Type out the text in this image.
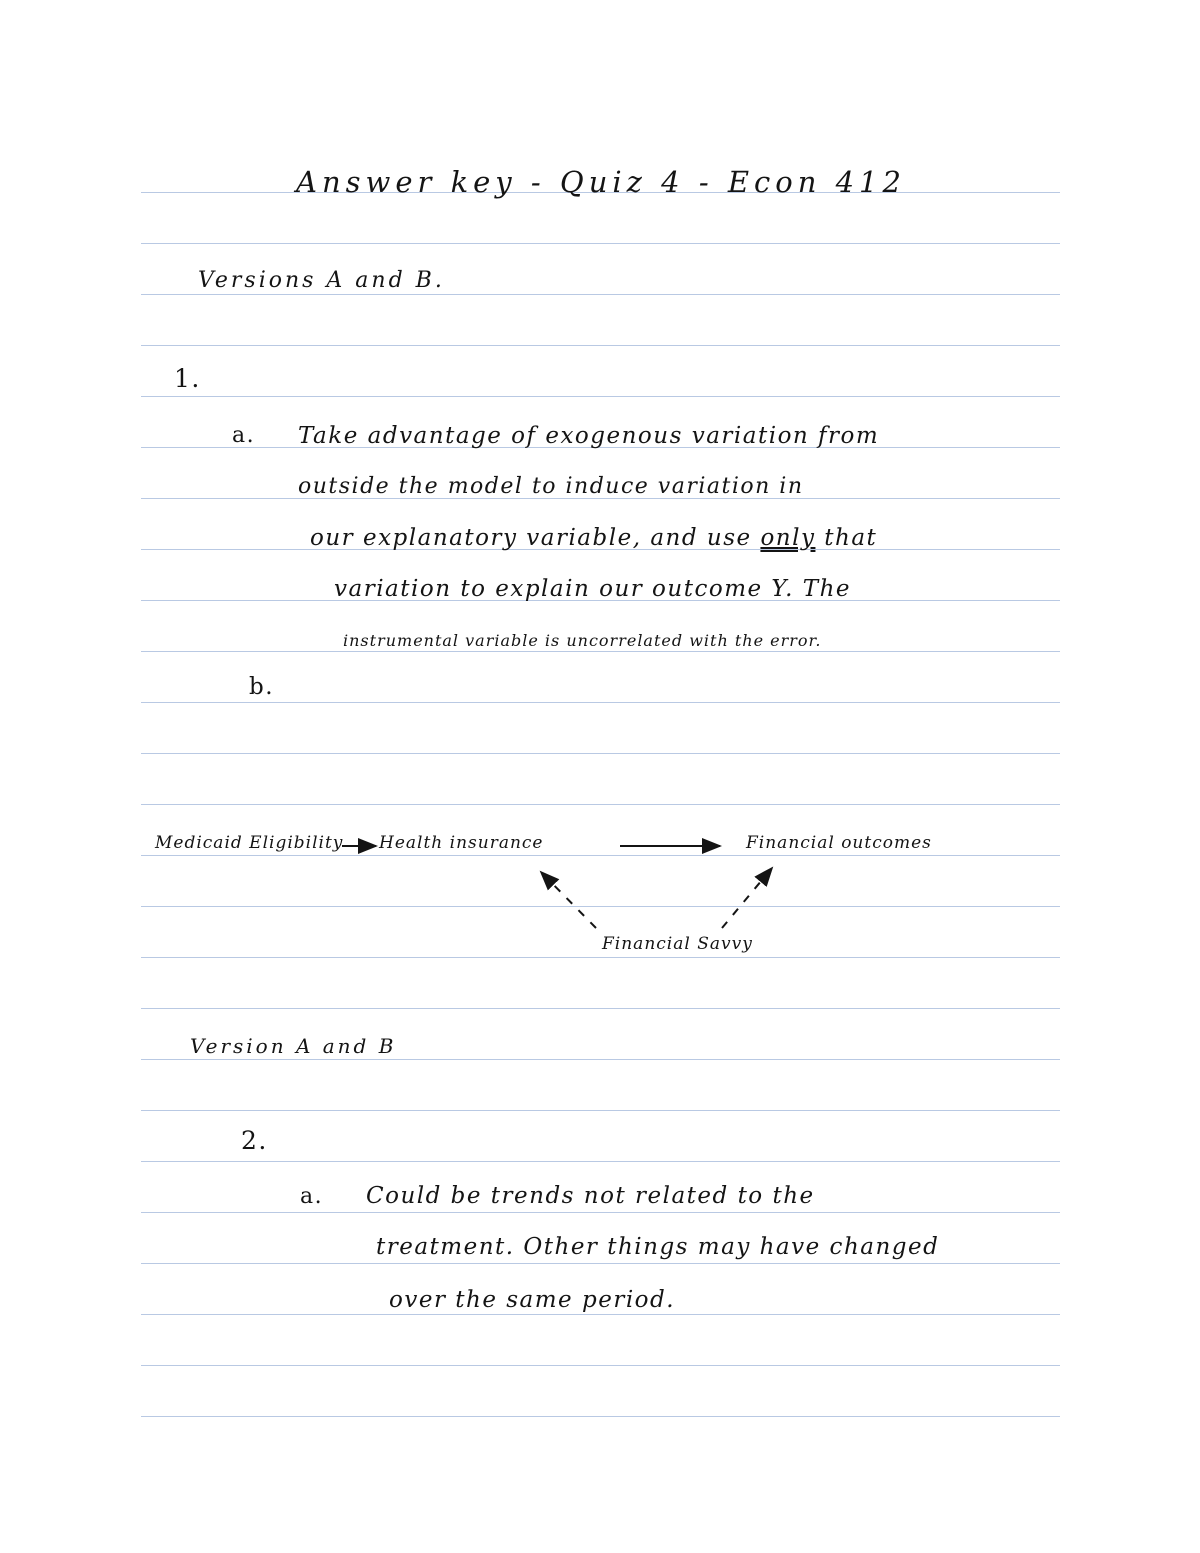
Answer key - Quiz 4 - Econ 412
Versions A and B.
1.
a. Take advantage of exogenous variation from
outside the model to induce variation in
our explanatory variable, and use only that
variation to explain our outcome Y. The
instrumental variable is uncorrelated with the error.
b.
Medicaid Eligibility Health insurance	Financial outcomes
Financial Savvy
Version A and B
2.
a. Could be trends not related to the
treatment. Other things may have changed
over the same period.
